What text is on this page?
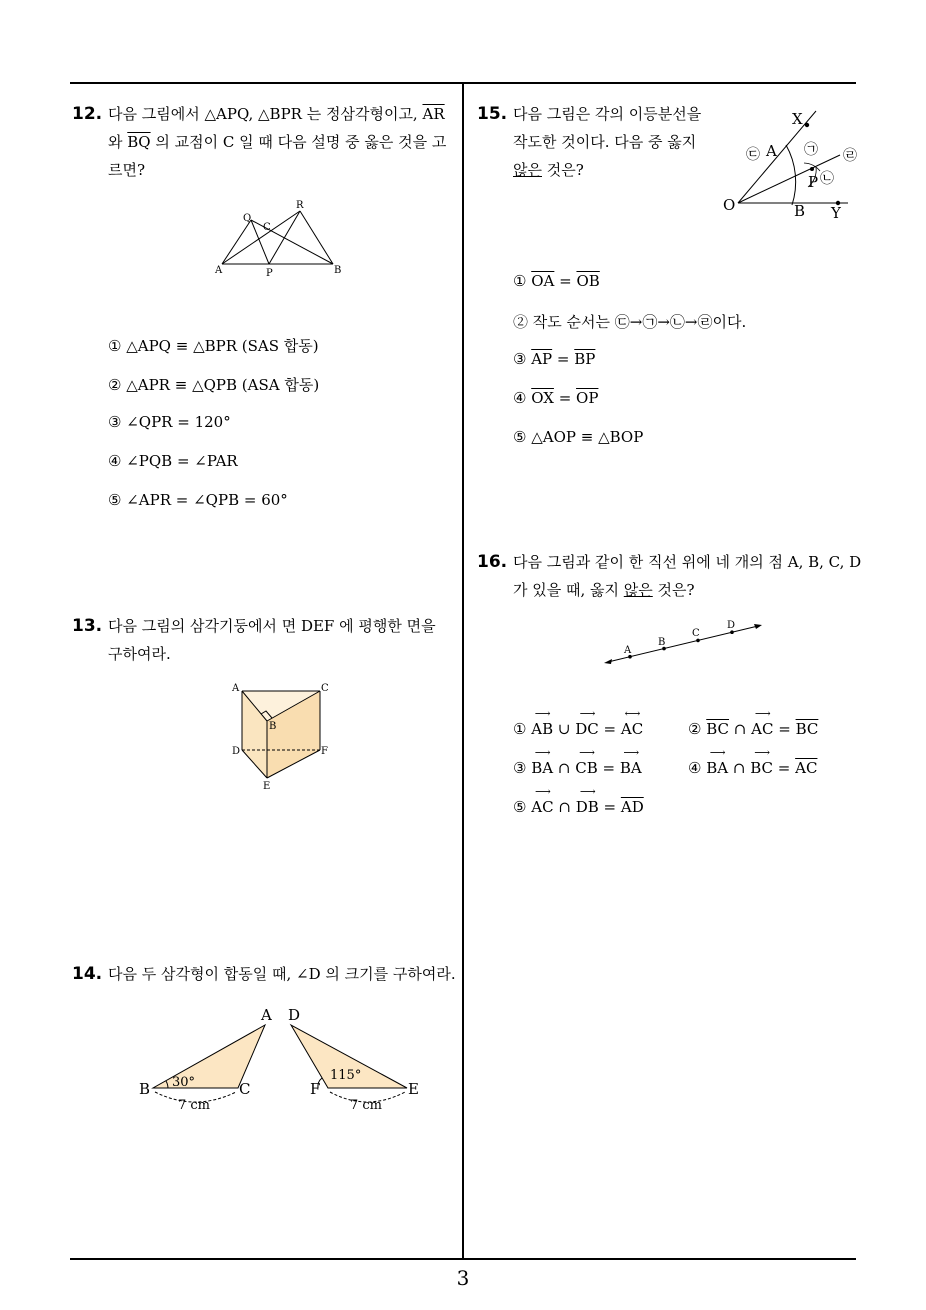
3
12. 다음 그림에서 △APQ, △BPR 는 정삼각형이고, $\overline{AR}$
와 $\overline{BQ}$ 의 교점이 C 일 때 다음 설명 중 옳은 것을 고
르면?
Q
R
C
A	P	B
① △APQ ≡ △BPR (SAS 합동)
② △APR ≡ △QPB (ASA 합동)
③ ∠QPR = 120°
④ ∠PQB = ∠PAR
⑤ ∠APR = ∠QPB = 60°
13. 다음 그림의 삼각기둥에서 면 DEF 에 평행한 면을
구하여라.
A	C
B
D	F
E
14. 다음 두 삼각형이 합동일 때, ∠D 의 크기를 구하여라.
A D
B	C	F	E
30°	115°
7 cm	7 cm
15. 다음 그림은 각의 이등분선을
작도한 것이다. 다음 중 옳지
않은 것은?
X
A
O	B Y
P
㉠
㉡
㉢	㉣
① $\overline{OA} = \overline{OB}$
② 작도 순서는 ㉢→㉠→㉡→㉣이다.
③ $\overline{AP} = \overline{BP}$
④ $\overline{OX} = \overline{OP}$
⑤ △AOP ≡ △BOP
16. 다음 그림과 같이 한 직선 위에 네 개의 점 A, B, C, D
가 있을 때, 옳지 않은 것은?
A
B
C
D
①
⟶
AB ∪
⟶
DC =
⟷
AC	② $\overline{BC}$ ∩
⟶
AC = $\overline{BC}$
③
⟶
BA ∩
⟶
CB =
⟶
BA	④
⟶
BA ∩
⟶
BC = $\overline{AC}$
⑤
⟶
AC ∩
⟶
DB = $\overline{AD}$
